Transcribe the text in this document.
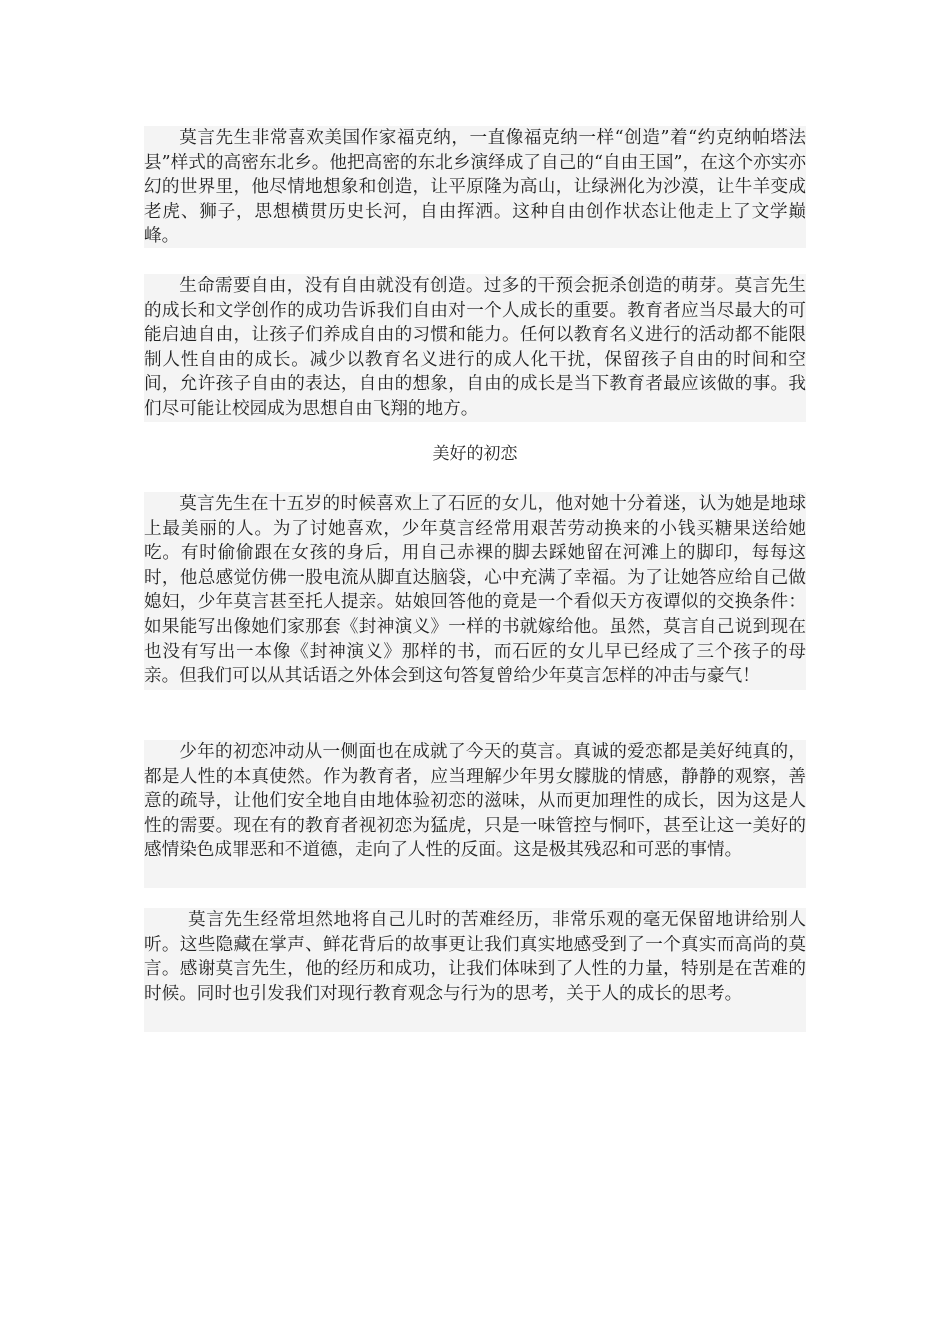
莫言先生非常喜欢美国作家福克纳，一直像福克纳一样“创造”着“约克纳帕塔法县”样式的高密东北乡。他把高密的东北乡演绎成了自己的“自由王国”，在这个亦实亦幻的世界里，他尽情地想象和创造，让平原隆为高山，让绿洲化为沙漠，让牛羊变成老虎、狮子，思想横贯历史长河，自由挥洒。这种自由创作状态让他走上了文学巅峰。

生命需要自由，没有自由就没有创造。过多的干预会扼杀创造的萌芽。莫言先生的成长和文学创作的成功告诉我们自由对一个人成长的重要。教育者应当尽最大的可能启迪自由，让孩子们养成自由的习惯和能力。任何以教育名义进行的活动都不能限制人性自由的成长。减少以教育名义进行的成人化干扰，保留孩子自由的时间和空间，允许孩子自由的表达，自由的想象，自由的成长是当下教育者最应该做的事。我们尽可能让校园成为思想自由飞翔的地方。

美好的初恋

莫言先生在十五岁的时候喜欢上了石匠的女儿，他对她十分着迷，认为她是地球上最美丽的人。为了讨她喜欢，少年莫言经常用艰苦劳动换来的小钱买糖果送给她吃。有时偷偷跟在女孩的身后，用自己赤裸的脚去踩她留在河滩上的脚印，每每这时，他总感觉仿佛一股电流从脚直达脑袋，心中充满了幸福。为了让她答应给自己做媳妇，少年莫言甚至托人提亲。姑娘回答他的竟是一个看似天方夜谭似的交换条件：如果能写出像她们家那套《封神演义》一样的书就嫁给他。虽然，莫言自己说到现在也没有写出一本像《封神演义》那样的书，而石匠的女儿早已经成了三个孩子的母亲。但我们可以从其话语之外体会到这句答复曾给少年莫言怎样的冲击与豪气！

少年的初恋冲动从一侧面也在成就了今天的莫言。真诚的爱恋都是美好纯真的，都是人性的本真使然。作为教育者，应当理解少年男女朦胧的情感，静静的观察，善意的疏导，让他们安全地自由地体验初恋的滋味，从而更加理性的成长，因为这是人性的需要。现在有的教育者视初恋为猛虎，只是一味管控与恫吓，甚至让这一美好的感情染色成罪恶和不道德，走向了人性的反面。这是极其残忍和可恶的事情。

莫言先生经常坦然地将自己儿时的苦难经历，非常乐观的毫无保留地讲给别人听。这些隐藏在掌声、鲜花背后的故事更让我们真实地感受到了一个真实而高尚的莫言。感谢莫言先生，他的经历和成功，让我们体味到了人性的力量，特别是在苦难的时候。同时也引发我们对现行教育观念与行为的思考，关于人的成长的思考。
